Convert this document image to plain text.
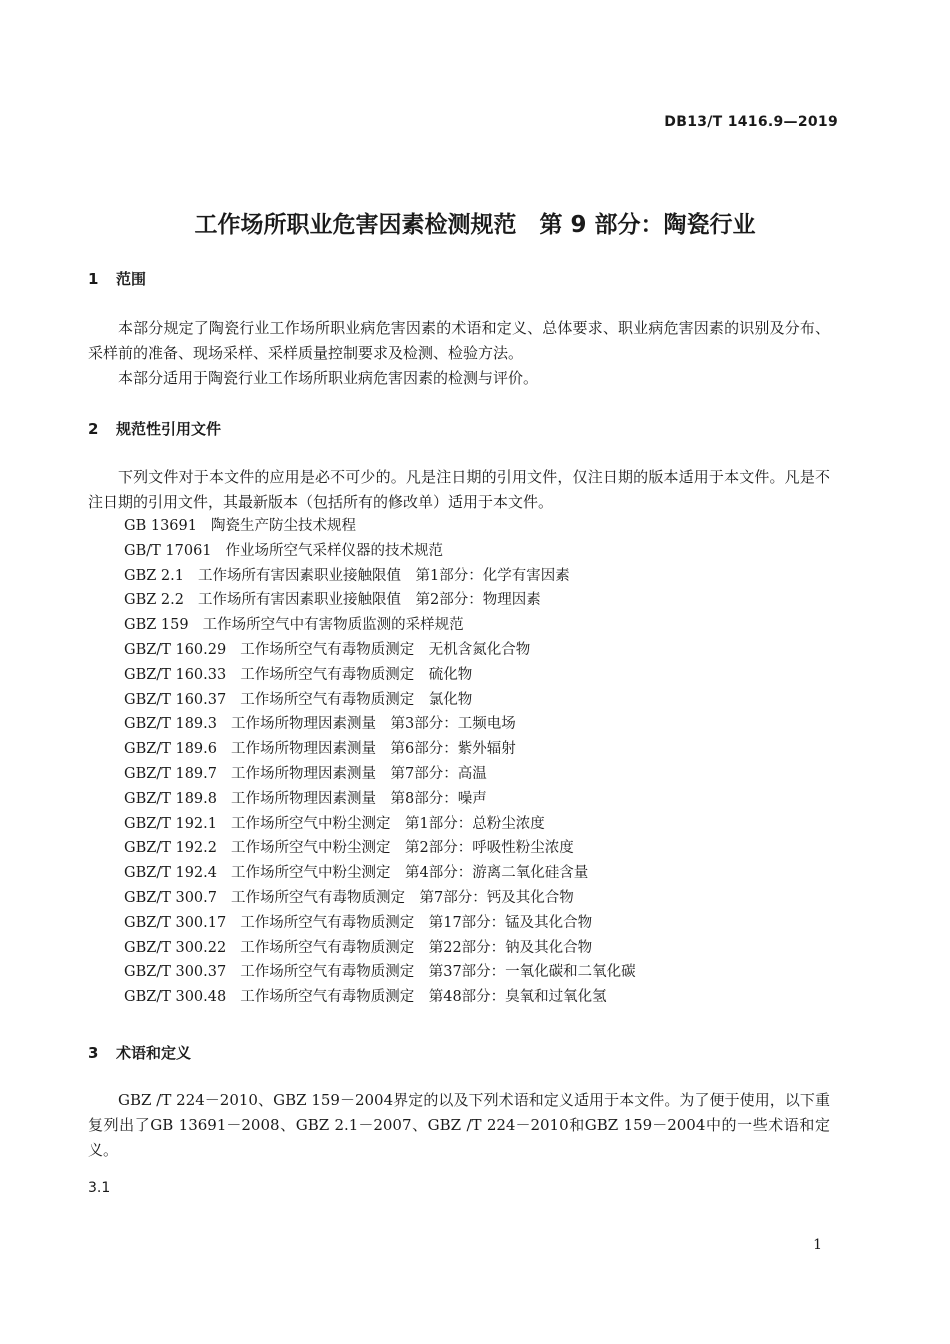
DB13/T 1416.9—2019
工作场所职业危害因素检测规范　第 9 部分：陶瓷行业
1 范围
本部分规定了陶瓷行业工作场所职业病危害因素的术语和定义、总体要求、职业病危害因素的识别及分布、采样前的准备、现场采样、采样质量控制要求及检测、检验方法。
本部分适用于陶瓷行业工作场所职业病危害因素的检测与评价。
2 规范性引用文件
下列文件对于本文件的应用是必不可少的。凡是注日期的引用文件，仅注日期的版本适用于本文件。凡是不注日期的引用文件，其最新版本（包括所有的修改单）适用于本文件。
GB 13691 陶瓷生产防尘技术规程
GB/T 17061 作业场所空气采样仪器的技术规范
GBZ 2.1 工作场所有害因素职业接触限值　第1部分：化学有害因素
GBZ 2.2 工作场所有害因素职业接触限值　第2部分：物理因素
GBZ 159 工作场所空气中有害物质监测的采样规范
GBZ/T 160.29 工作场所空气有毒物质测定　无机含氮化合物
GBZ/T 160.33 工作场所空气有毒物质测定　硫化物
GBZ/T 160.37 工作场所空气有毒物质测定　氯化物
GBZ/T 189.3 工作场所物理因素测量　第3部分：工频电场
GBZ/T 189.6 工作场所物理因素测量　第6部分：紫外辐射
GBZ/T 189.7 工作场所物理因素测量　第7部分：高温
GBZ/T 189.8 工作场所物理因素测量　第8部分：噪声
GBZ/T 192.1 工作场所空气中粉尘测定　第1部分：总粉尘浓度
GBZ/T 192.2 工作场所空气中粉尘测定　第2部分：呼吸性粉尘浓度
GBZ/T 192.4 工作场所空气中粉尘测定　第4部分：游离二氧化硅含量
GBZ/T 300.7 工作场所空气有毒物质测定　第7部分：钙及其化合物
GBZ/T 300.17 工作场所空气有毒物质测定　第17部分：锰及其化合物
GBZ/T 300.22 工作场所空气有毒物质测定　第22部分：钠及其化合物
GBZ/T 300.37 工作场所空气有毒物质测定　第37部分：一氧化碳和二氧化碳
GBZ/T 300.48 工作场所空气有毒物质测定　第48部分：臭氧和过氧化氢
3 术语和定义
GBZ /T 224－2010、GBZ 159－2004界定的以及下列术语和定义适用于本文件。为了便于使用，以下重复列出了GB 13691－2008、GBZ 2.1－2007、GBZ /T 224－2010和GBZ 159－2004中的一些术语和定义。
3.1
1
